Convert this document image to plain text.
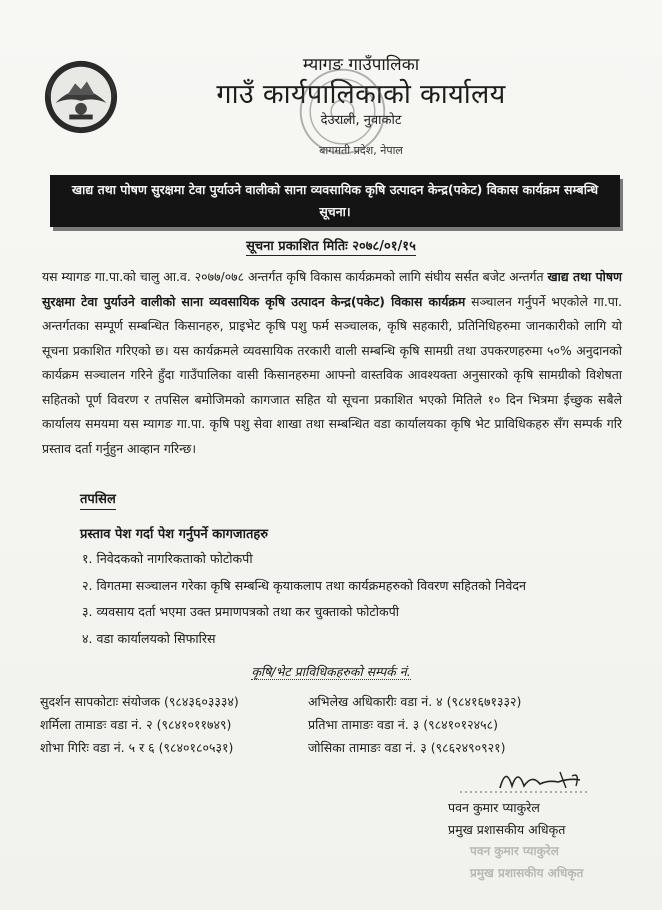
म्यागङ गाउँपालिका
गाउँ कार्यपालिकाको कार्यालय
देउराली, नुवाकोट
बागमती प्रदेश, नेपाल
खाद्य तथा पोषण सुरक्षमा टेवा पुर्याउने वालीको साना व्यवसायिक कृषि उत्पादन केन्द्र(पकेट) विकास कार्यक्रम सम्बन्धि सूचना।
सूचना प्रकाशित मितिः २०७८/०१/१५
यस म्यागङ गा.पा.को चालु आ.व. २०७७/०७८ अन्तर्गत कृषि विकास कार्यक्रमको लागि संघीय सर्सत बजेट अन्तर्गत खाद्य तथा पोषण सुरक्षमा टेवा पुर्याउने वालीको साना व्यवसायिक कृषि उत्पादन केन्द्र(पकेट) विकास कार्यक्रम सञ्चालन गर्नुपर्ने भएकोले गा.पा. अन्तर्गतका सम्पूर्ण सम्बन्धित किसानहरु, प्राइभेट कृषि पशु फर्म सञ्चालक, कृषि सहकारी, प्रतिनिधिहरुमा जानकारीको लागि यो सूचना प्रकाशित गरिएको छ। यस कार्यक्रमले व्यवसायिक तरकारी वाली सम्बन्धि कृषि सामग्री तथा उपकरणहरुमा ५०% अनुदानको कार्यक्रम सञ्चालन गरिने हुँदा गाउँपालिका वासी किसानहरुमा आफ्नो वास्तविक आवश्यक्ता अनुसारको कृषि सामग्रीको विशेषता सहितको पूर्ण विवरण र तपसिल बमोजिमको कागजात सहित यो सूचना प्रकाशित भएको मितिले १० दिन भित्रमा ईच्छुक सबैले कार्यालय समयमा यस म्यागङ गा.पा. कृषि पशु सेवा शाखा तथा सम्बन्धित वडा कार्यालयका कृषि भेट प्राविधिकहरु सँग सम्पर्क गरि प्रस्ताव दर्ता गर्नुहुन आव्हान गरिन्छ।
तपसिल
प्रस्ताव पेश गर्दा पेश गर्नुपर्ने कागजातहरु
१. निवेदकको नागरिकताको फोटोकपी
२. विगतमा सञ्चालन गरेका कृषि सम्बन्धि कृयाकलाप तथा कार्यक्रमहरुको विवरण सहितको निवेदन
३. व्यवसाय दर्ता भएमा उक्त प्रमाणपत्रको तथा कर चुक्ताको फोटोकपी
४. वडा कार्यालयको सिफारिस
कृषि/भेट प्राविधिकहरुको सम्पर्क नं.
सुदर्शन सापकोटाः संयोजक (९८४३६०३३३४)	अभिलेख अधिकारीः वडा नं. ४ (९८४१६७१३३२)
शर्मिला तामाङः वडा नं. २ (९८४१०११७४९)	प्रतिभा तामाङः वडा नं. ३ (९८४१०१२४५८)
शोभा गिरिः वडा नं. ५ र ६ (९८४०१८०५३१)	जोसिका तामाङः वडा नं. ३ (९८६२४९०९२१)
पवन कुमार प्याकुरेल
प्रमुख प्रशासकीय अधिकृत
पवन कुमार प्याकुरेल
प्रमुख प्रशासकीय अधिकृत
